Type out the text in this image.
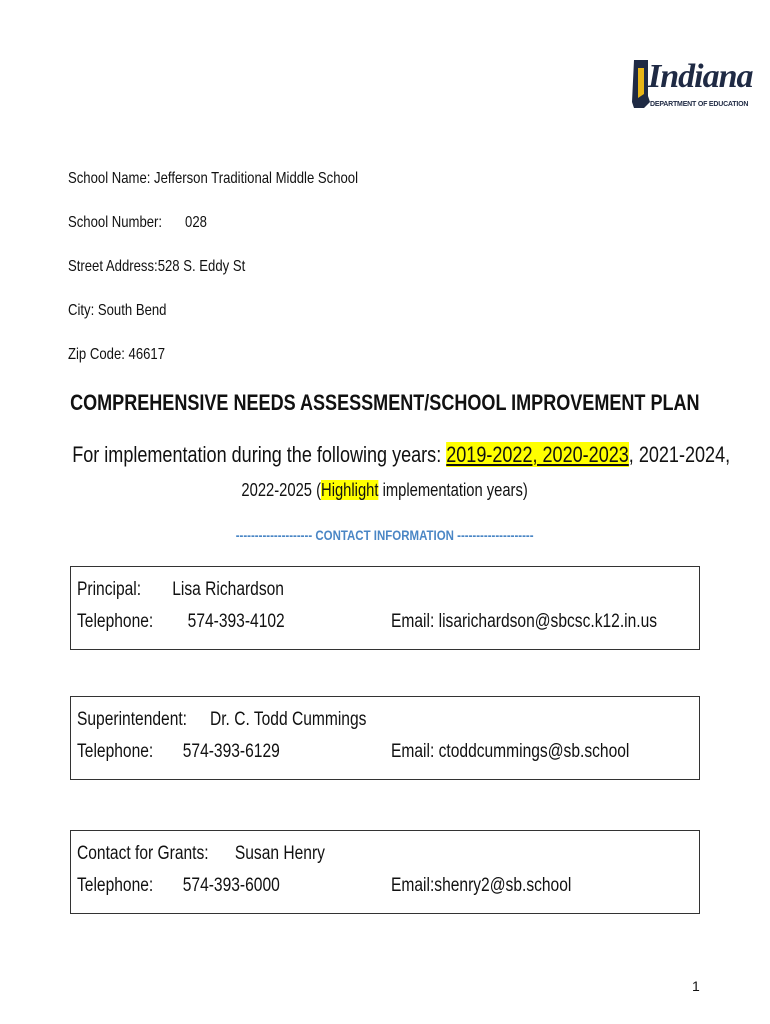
Indiana
DEPARTMENT OF EDUCATION
School Name: Jefferson Traditional Middle School
School Number: 028
Street Address:528 S. Eddy St
City: South Bend
Zip Code: 46617
COMPREHENSIVE NEEDS ASSESSMENT/SCHOOL IMPROVEMENT PLAN
For implementation during the following years: 2019-2022, 2020-2023, 2021-2024,
2022-2025 (Highlight implementation years)
-------------------- CONTACT INFORMATION --------------------
Principal: Lisa Richardson
Telephone: 574-393-4102	Email: lisarichardson@sbcsc.k12.in.us
Superintendent: Dr. C. Todd Cummings
Telephone: 574-393-6129	Email: ctoddcummings@sb.school
Contact for Grants: Susan Henry
Telephone: 574-393-6000	Email:shenry2@sb.school
1
